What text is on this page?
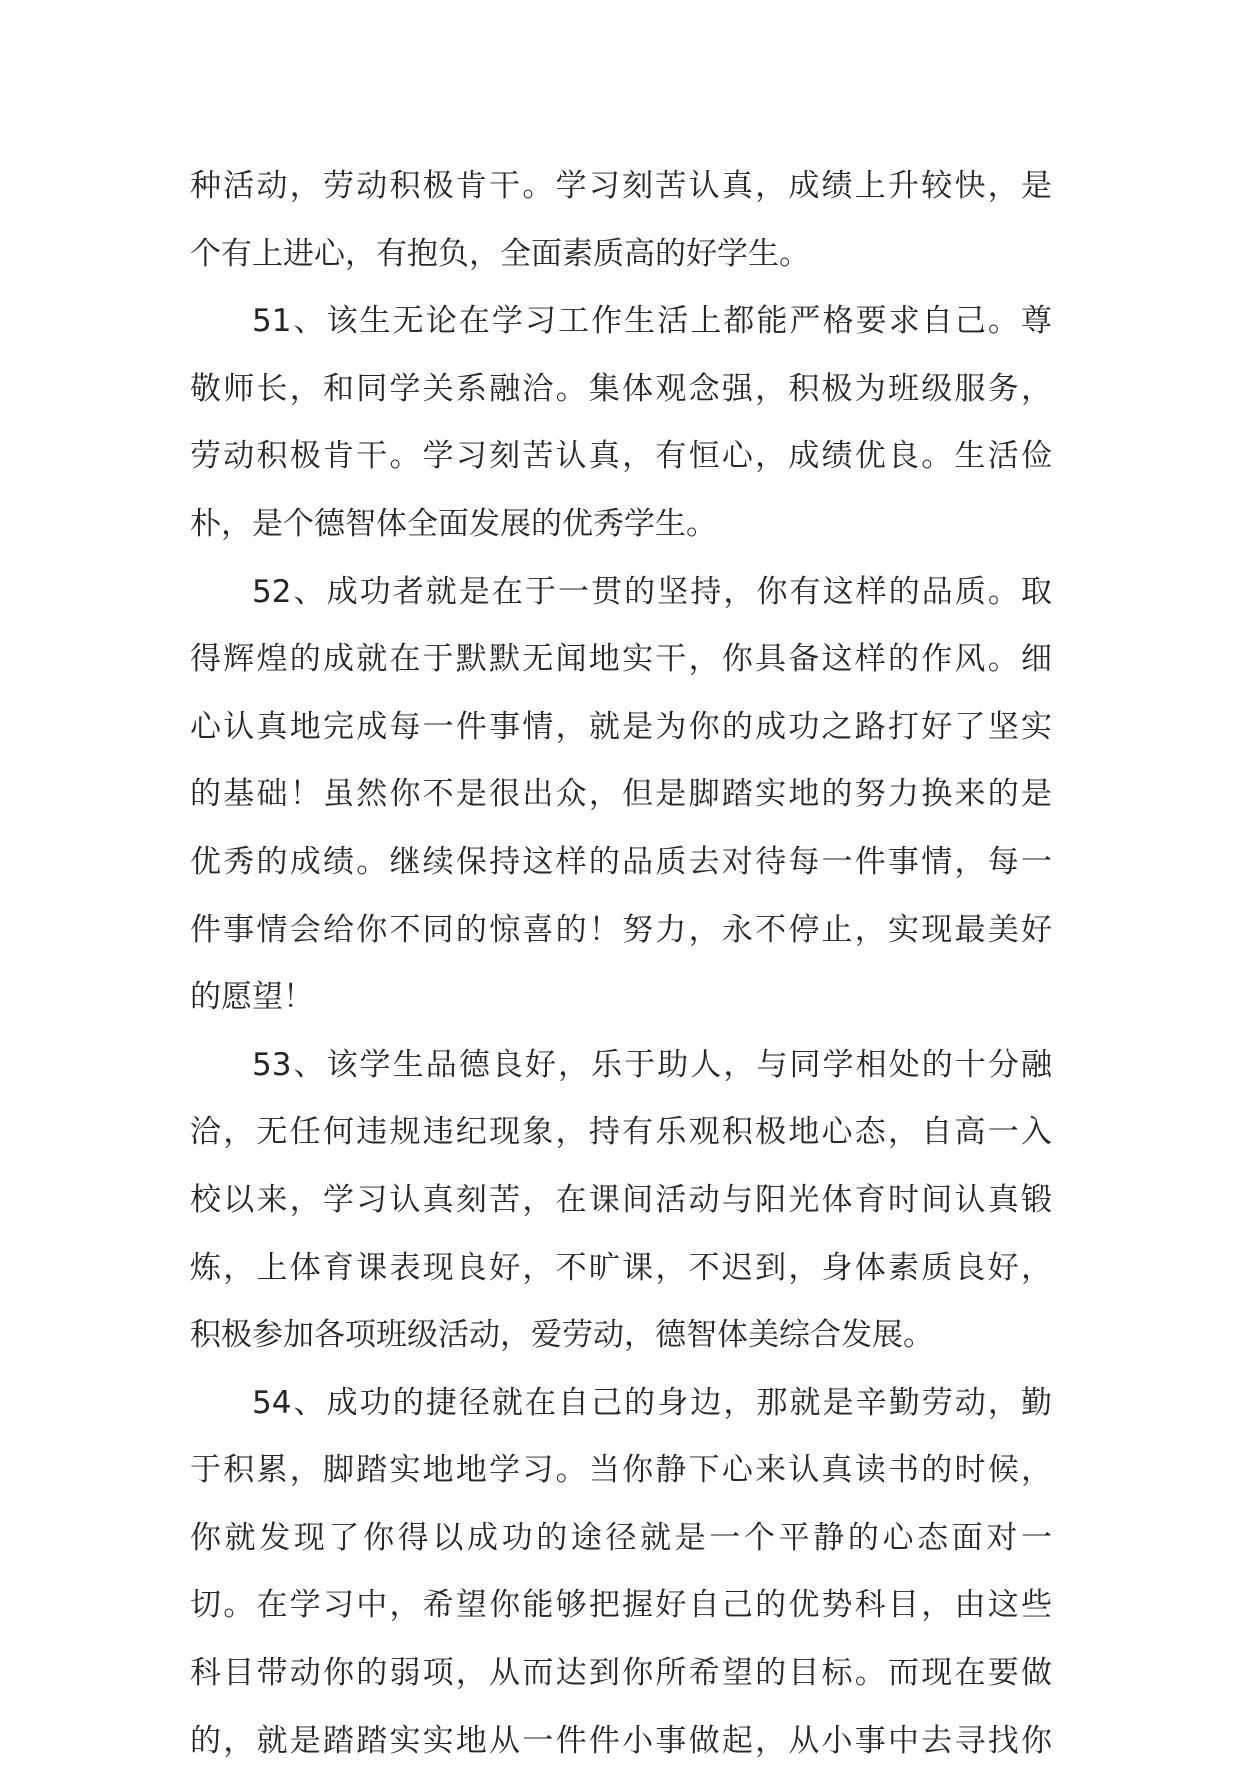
种活动，劳动积极肯干。学习刻苦认真，成绩上升较快，是
个有上进心，有抱负，全面素质高的好学生。
51、该生无论在学习工作生活上都能严格要求自己。尊
敬师长，和同学关系融洽。集体观念强，积极为班级服务，
劳动积极肯干。学习刻苦认真，有恒心，成绩优良。生活俭
朴，是个德智体全面发展的优秀学生。
52、成功者就是在于一贯的坚持，你有这样的品质。取
得辉煌的成就在于默默无闻地实干，你具备这样的作风。细
心认真地完成每一件事情，就是为你的成功之路打好了坚实
的基础！虽然你不是很出众，但是脚踏实地的努力换来的是
优秀的成绩。继续保持这样的品质去对待每一件事情，每一
件事情会给你不同的惊喜的！努力，永不停止，实现最美好
的愿望！
53、该学生品德良好，乐于助人，与同学相处的十分融
洽，无任何违规违纪现象，持有乐观积极地心态，自高一入
校以来，学习认真刻苦，在课间活动与阳光体育时间认真锻
炼，上体育课表现良好，不旷课，不迟到，身体素质良好，
积极参加各项班级活动，爱劳动，德智体美综合发展。
54、成功的捷径就在自己的身边，那就是辛勤劳动，勤
于积累，脚踏实地地学习。当你静下心来认真读书的时候，
你就发现了你得以成功的途径就是一个平静的心态面对一
切。在学习中，希望你能够把握好自己的优势科目，由这些
科目带动你的弱项，从而达到你所希望的目标。而现在要做
的，就是踏踏实实地从一件件小事做起，从小事中去寻找你
